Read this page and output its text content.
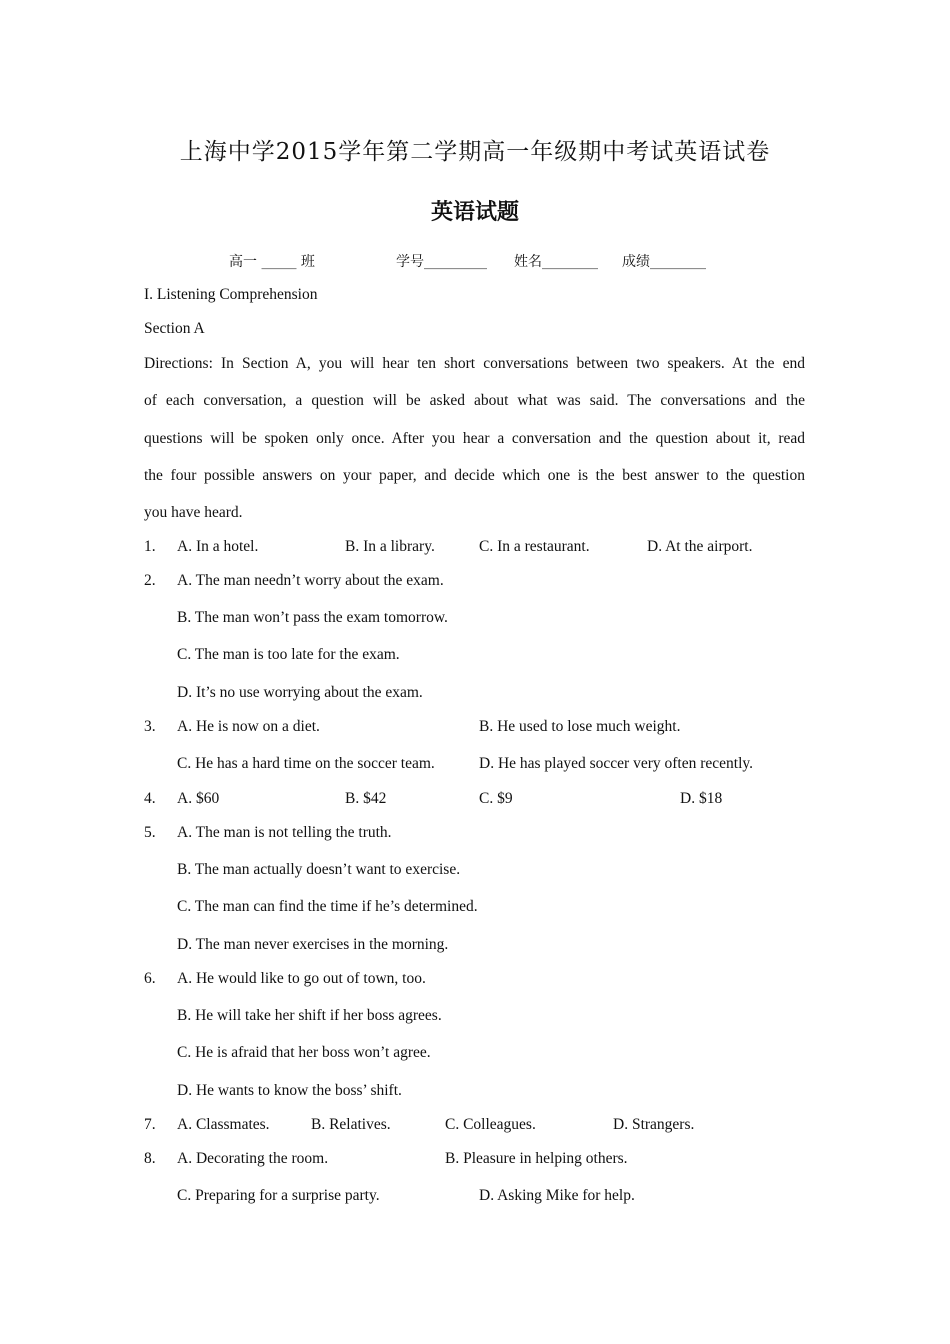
上海中学2015学年第二学期高一年级期中考试英语试卷
英语试题
高一 _____ 班	学号_________ 姓名________ 成绩________
I. Listening Comprehension
Section A
Directions: In Section A, you will hear ten short conversations between two speakers. At the end
of each conversation, a question will be asked about what was said. The conversations and the
questions will be spoken only once. After you hear a conversation and the question about it, read
the four possible answers on your paper, and decide which one is the best answer to the question
you have heard.
1. A. In a hotel.	B. In a library.	C. In a restaurant.	D. At the airport.
2. A. The man needn’t worry about the exam.
B. The man won’t pass the exam tomorrow.
C. The man is too late for the exam.
D. It’s no use worrying about the exam.
3. A. He is now on a diet.	B. He used to lose much weight.
C. He has a hard time on the soccer team.	D. He has played soccer very often recently.
4. A. $60	B. $42	C. $9	D. $18
5. A. The man is not telling the truth.
B. The man actually doesn’t want to exercise.
C. The man can find the time if he’s determined.
D. The man never exercises in the morning.
6. A. He would like to go out of town, too.
B. He will take her shift if her boss agrees.
C. He is afraid that her boss won’t agree.
D. He wants to know the boss’ shift.
7. A. Classmates.	B. Relatives.	C. Colleagues.	D. Strangers.
8. A. Decorating the room.	B. Pleasure in helping others.
C. Preparing for a surprise party.	D. Asking Mike for help.
